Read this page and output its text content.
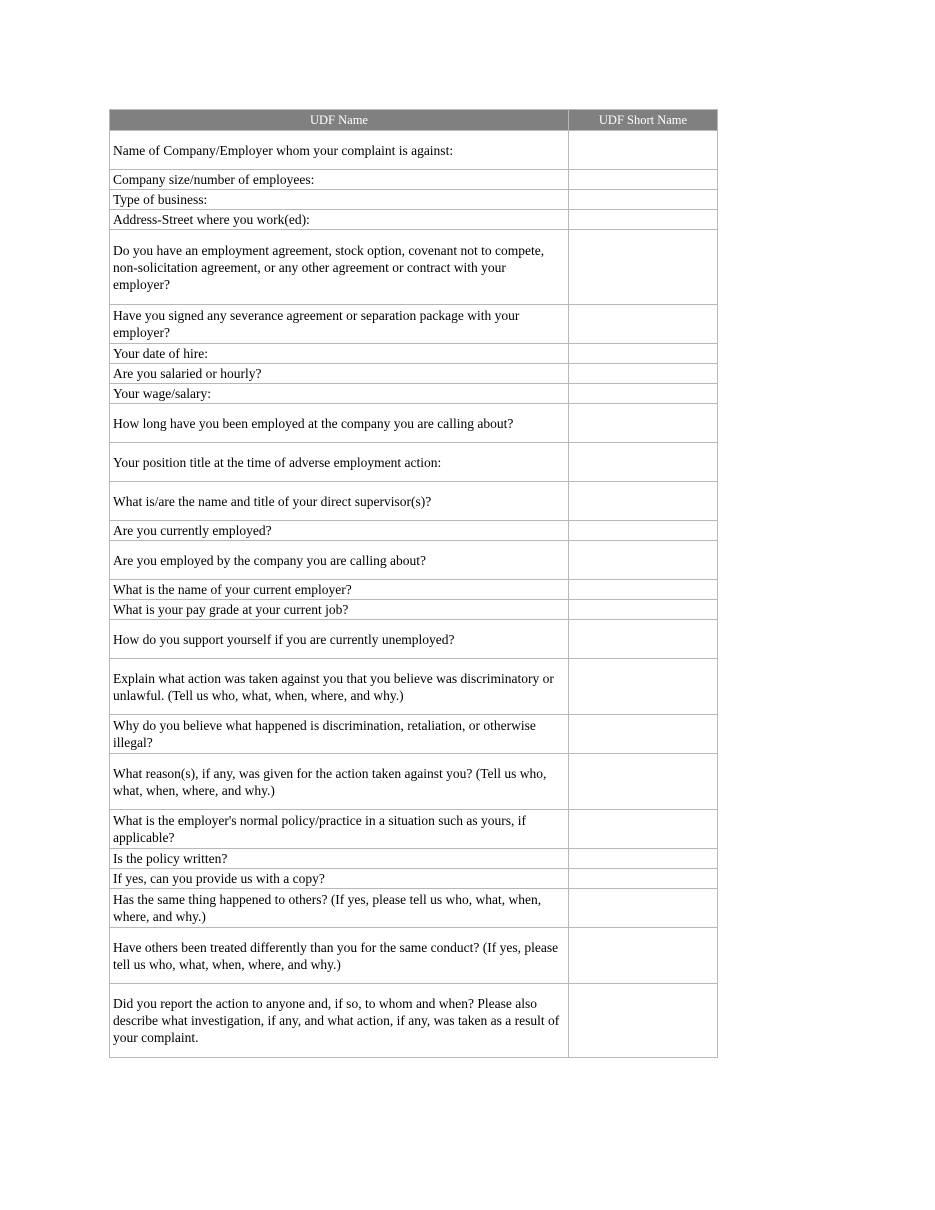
UDF Name	UDF Short Name
Name of Company/Employer whom your complaint is against:	
Company size/number of employees:	
Type of business:	
Address-Street where you work(ed):	
Do you have an employment agreement, stock option, covenant not to compete, non-solicitation agreement, or any other agreement or contract with your employer?	
Have you signed any severance agreement or separation package with your employer?	
Your date of hire:	
Are you salaried or hourly?	
Your wage/salary:	
How long have you been employed at the company you are calling about?	
Your position title at the time of adverse employment action:	
What is/are the name and title of your direct supervisor(s)?	
Are you currently employed?	
Are you employed by the company you are calling about?	
What is the name of your current employer?	
What is your pay grade at your current job?	
How do you support yourself if you are currently unemployed?	
Explain what action was taken against you that you believe was discriminatory or unlawful. (Tell us who, what, when, where, and why.)	
Why do you believe what happened is discrimination, retaliation, or otherwise illegal?	
What reason(s), if any, was given for the action taken against you? (Tell us who, what, when, where, and why.)	
What is the employer's normal policy/practice in a situation such as yours, if applicable?	
Is the policy written?	
If yes, can you provide us with a copy?	
Has the same thing happened to others? (If yes, please tell us who, what, when, where, and why.)	
Have others been treated differently than you for the same conduct? (If yes, please tell us who, what, when, where, and why.)	
Did you report the action to anyone and, if so, to whom and when? Please also describe what investigation, if any, and what action, if any, was taken as a result of your complaint.	
